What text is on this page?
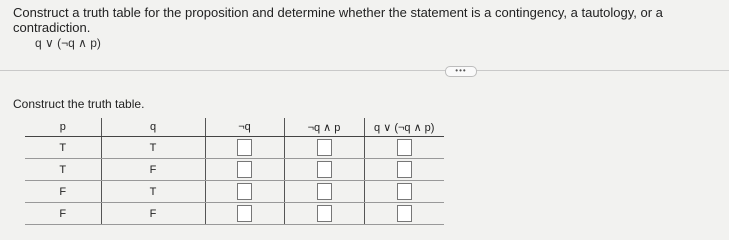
Construct a truth table for the proposition and determine whether the statement is a contingency, a tautology, or a contradiction.
q ∨ (¬q ∧ p)
•••
Construct the truth table.
p	q	¬q	¬q ∧ p	q ∨ (¬q ∧ p)
T	T			
T	F			
F	T			
F	F			
